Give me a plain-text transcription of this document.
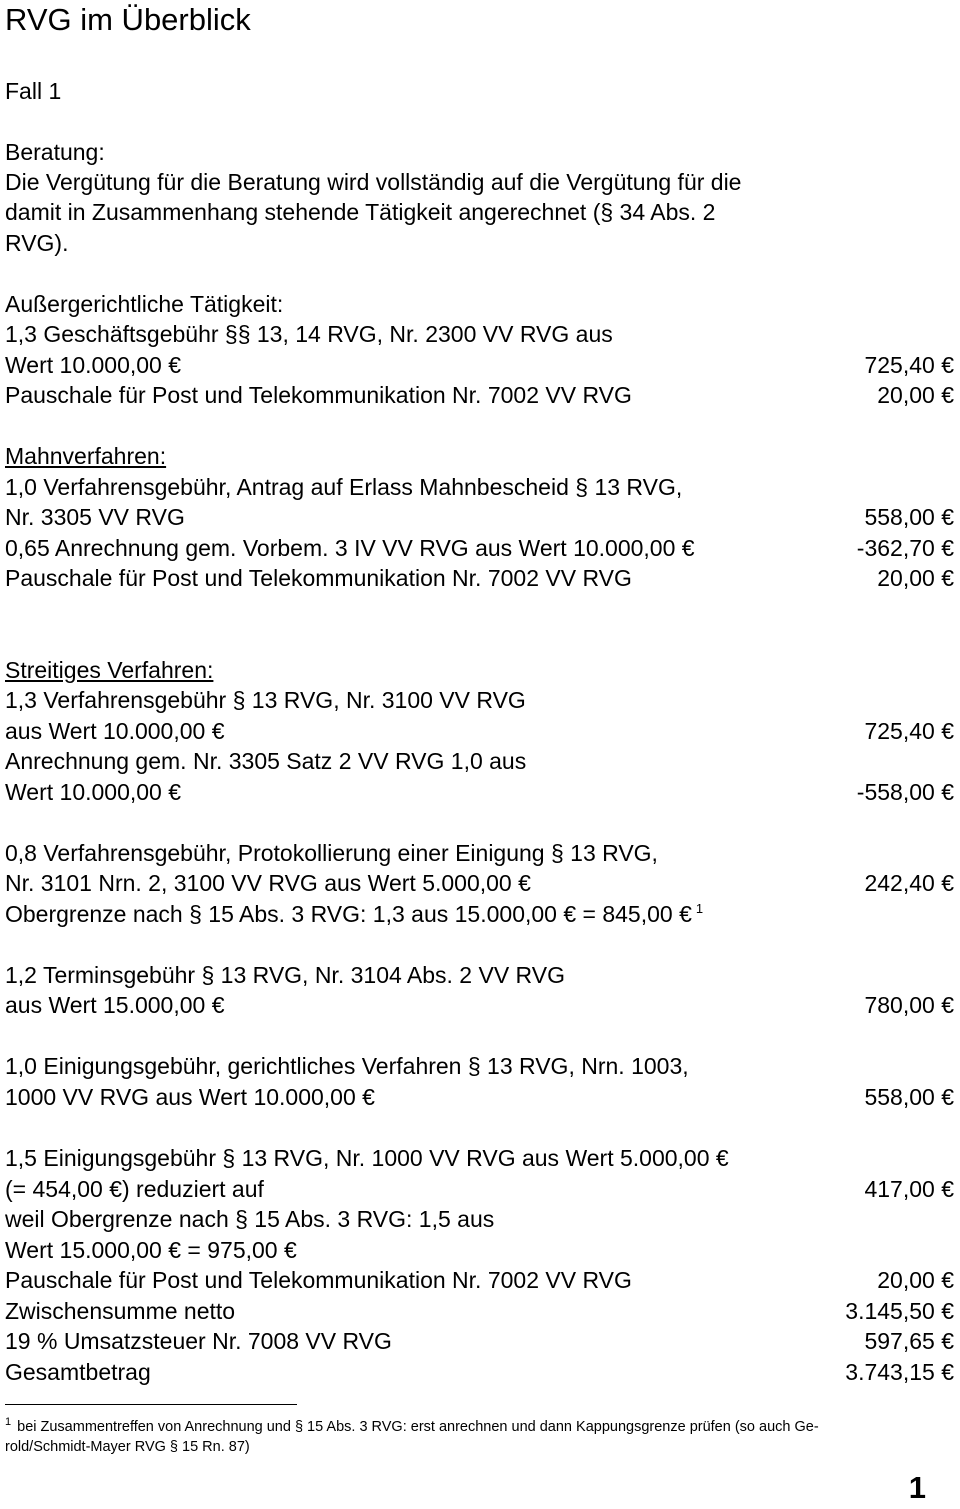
RVG im Überblick
Fall 1
Beratung:
Die Vergütung für die Beratung wird vollständig auf die Vergütung für die
damit in Zusammenhang stehende Tätigkeit angerechnet (§ 34 Abs. 2
RVG).
Außergerichtliche Tätigkeit:
1,3 Geschäftsgebühr §§ 13, 14 RVG, Nr. 2300 VV RVG aus
Wert 10.000,00 €	725,40 €
Pauschale für Post und Telekommunikation Nr. 7002 VV RVG	20,00 €
Mahnverfahren:
1,0 Verfahrensgebühr, Antrag auf Erlass Mahnbescheid § 13 RVG,
Nr. 3305 VV RVG	558,00 €
0,65 Anrechnung gem. Vorbem. 3 IV VV RVG aus Wert 10.000,00 €	-362,70 €
Pauschale für Post und Telekommunikation Nr. 7002 VV RVG	20,00 €
Streitiges Verfahren:
1,3 Verfahrensgebühr § 13 RVG, Nr. 3100 VV RVG
aus Wert 10.000,00 €	725,40 €
Anrechnung gem. Nr. 3305 Satz 2 VV RVG 1,0 aus
Wert 10.000,00 €	-558,00 €
0,8 Verfahrensgebühr, Protokollierung einer Einigung § 13 RVG,
Nr. 3101 Nrn. 2, 3100 VV RVG aus Wert 5.000,00 €	242,40 €
Obergrenze nach § 15 Abs. 3 RVG: 1,3 aus 15.000,00 € = 845,00 € $^1$
1,2 Terminsgebühr § 13 RVG, Nr. 3104 Abs. 2 VV RVG
aus Wert 15.000,00 €	780,00 €
1,0 Einigungsgebühr, gerichtliches Verfahren § 13 RVG, Nrn. 1003,
1000 VV RVG aus Wert 10.000,00 €	558,00 €
1,5 Einigungsgebühr § 13 RVG, Nr. 1000 VV RVG aus Wert 5.000,00 €
(= 454,00 €) reduziert auf	417,00 €
weil Obergrenze nach § 15 Abs. 3 RVG: 1,5 aus
Wert 15.000,00 € = 975,00 €
Pauschale für Post und Telekommunikation Nr. 7002 VV RVG	20,00 €
Zwischensumme netto	3.145,50 €
19 % Umsatzsteuer Nr. 7008 VV RVG	597,65 €
Gesamtbetrag	3.743,15 €
$^1$ bei Zusammentreffen von Anrechnung und § 15 Abs. 3 RVG: erst anrechnen und dann Kappungsgrenze prüfen (so auch Ge-
rold/Schmidt-Mayer RVG § 15 Rn. 87)
1
